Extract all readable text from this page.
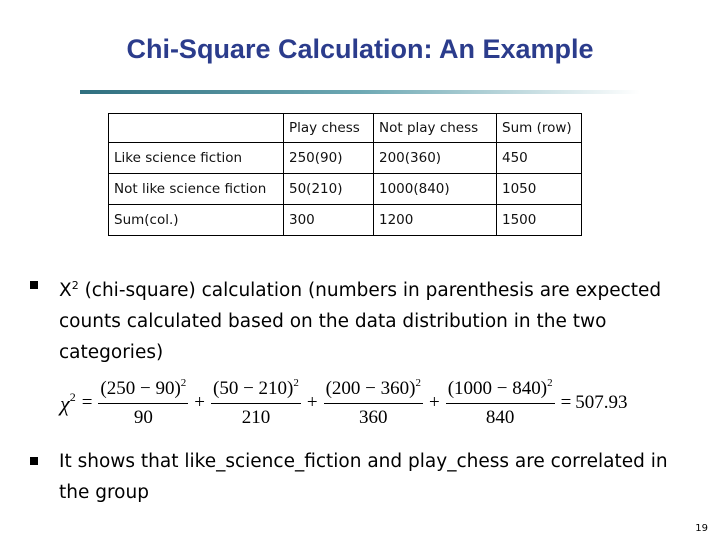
Chi-Square Calculation: An Example
	Play chess	Not play chess	Sum (row)
Like science fiction	250(90)	200(360)	450
Not like science fiction	50(210)	1000(840)	1050
Sum(col.)	300	1200	1500
$X^2$ (chi-square) calculation (numbers in parenthesis are expected counts calculated based on the data distribution in the two categories)
$\chi^2 = \frac{(250 - 90)^2}{90} + \frac{(50 - 210)^2}{210} + \frac{(200 - 360)^2}{360} + \frac{(1000 - 840)^2}{840} = 507.93$
It shows that like_science_fiction and play_chess are correlated in the group
19
